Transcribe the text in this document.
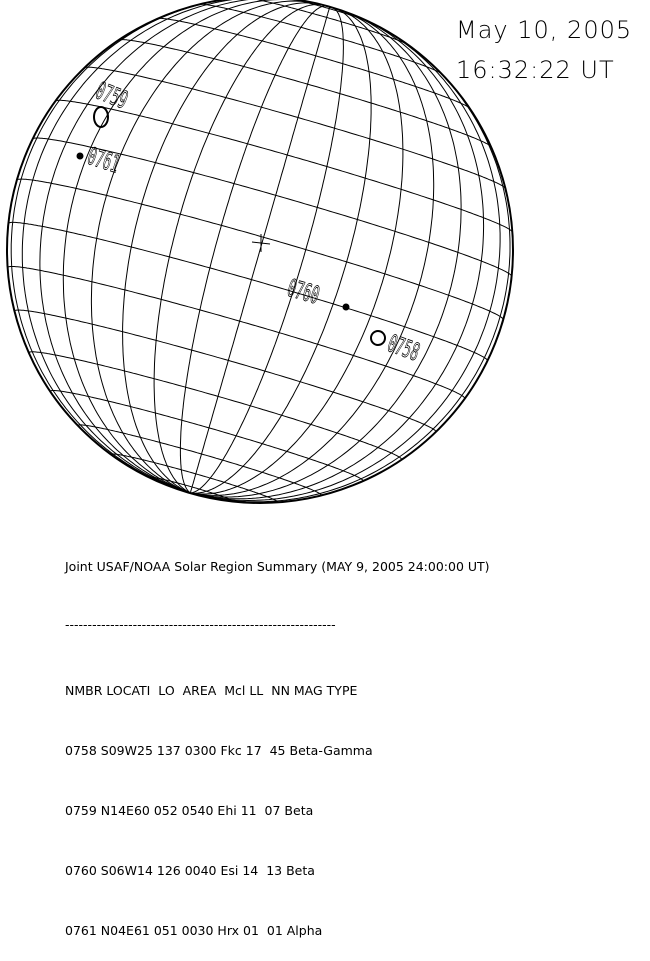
0759
0761
0760
0758
May 10, 2005
16:32:22 UT

Joint USAF/NOAA Solar Region Summary (MAY 9, 2005 24:00:00 UT)

------------------------------------------------------------

NMBR LOCATI  LO  AREA  Mcl LL  NN MAG TYPE

0758 S09W25 137 0300 Fkc 17  45 Beta-Gamma

0759 N14E60 052 0540 Ehi 11  07 Beta

0760 S06W14 126 0040 Esi 14  13 Beta

0761 N04E61 051 0030 Hrx 01  01 Alpha
